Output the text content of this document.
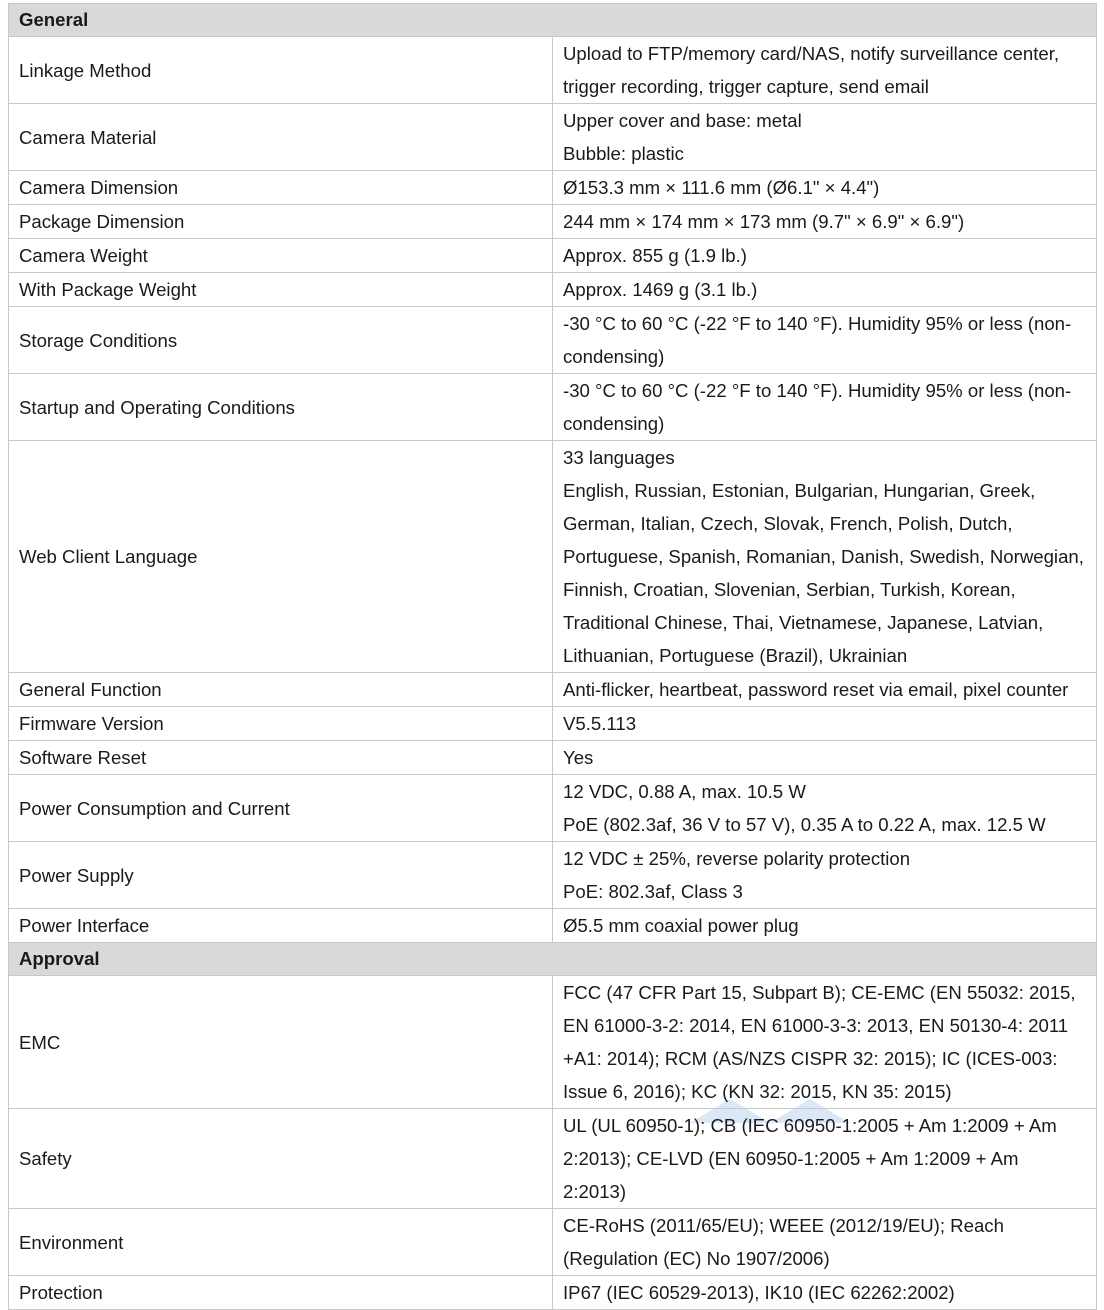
General	
Linkage Method	Upload to FTP/memory card/NAS, notify surveillance center, trigger recording, trigger capture, send email

Camera Material	Upper cover and base: metal
Bubble: plastic

Camera Dimension	Ø153.3 mm × 111.6 mm (Ø6.1" × 4.4")

Package Dimension	244 mm × 174 mm × 173 mm (9.7" × 6.9" × 6.9")

Camera Weight	Approx. 855 g (1.9 lb.)

With Package Weight	Approx. 1469 g (3.1 lb.)

Storage Conditions	-30 °C to 60 °C (-22 °F to 140 °F). Humidity 95% or less (non-condensing)

Startup and Operating Conditions	-30 °C to 60 °C (-22 °F to 140 °F). Humidity 95% or less (non-condensing)

Web Client Language	33 languages
English, Russian, Estonian, Bulgarian, Hungarian, Greek, German, Italian, Czech, Slovak, French, Polish, Dutch, Portuguese, Spanish, Romanian, Danish, Swedish, Norwegian, Finnish, Croatian, Slovenian, Serbian, Turkish, Korean, Traditional Chinese, Thai, Vietnamese, Japanese, Latvian, Lithuanian, Portuguese (Brazil), Ukrainian

General Function	Anti-flicker, heartbeat, password reset via email, pixel counter

Firmware Version	V5.5.113

Software Reset	Yes

Power Consumption and Current	12 VDC, 0.88 A, max. 10.5 W
PoE (802.3af, 36 V to 57 V), 0.35 A to 0.22 A, max. 12.5 W

Power Supply	12 VDC ± 25%, reverse polarity protection
PoE: 802.3af, Class 3

Power Interface	Ø5.5 mm coaxial power plug

Approval	
EMC	FCC (47 CFR Part 15, Subpart B); CE-EMC (EN 55032: 2015, EN 61000-3-2: 2014, EN 61000-3-3: 2013, EN 50130-4: 2011 +A1: 2014); RCM (AS/NZS CISPR 32: 2015); IC (ICES-003: Issue 6, 2016); KC (KN 32: 2015, KN 35: 2015)

Safety	UL (UL 60950-1); CB (IEC 60950-1:2005 + Am 1:2009 + Am 2:2013); CE-LVD (EN 60950-1:2005 + Am 1:2009 + Am 2:2013)

Environment	CE-RoHS (2011/65/EU); WEEE (2012/19/EU); Reach (Regulation (EC) No 1907/2006)

Protection	IP67 (IEC 60529-2013), IK10 (IEC 62262:2002)
